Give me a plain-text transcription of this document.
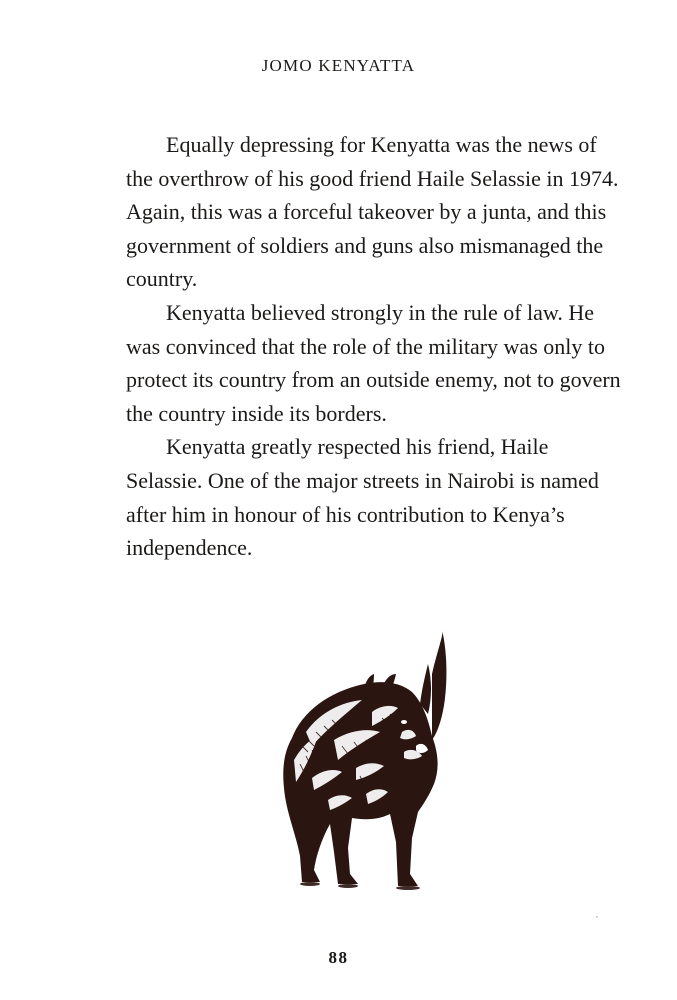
JOMO KENYATTA

Equally depressing for Kenyatta was the news of the overthrow of his good friend Haile Selassie in 1974. Again, this was a forceful takeover by a junta, and this government of soldiers and guns also mismanaged the country.

Kenyatta believed strongly in the rule of law. He was convinced that the role of the military was only to protect its country from an outside enemy, not to govern the country inside its borders.

Kenyatta greatly respected his friend, Haile Selassie. One of the major streets in Nairobi is named after him in honour of his contribution to Kenya’s independence.

88
